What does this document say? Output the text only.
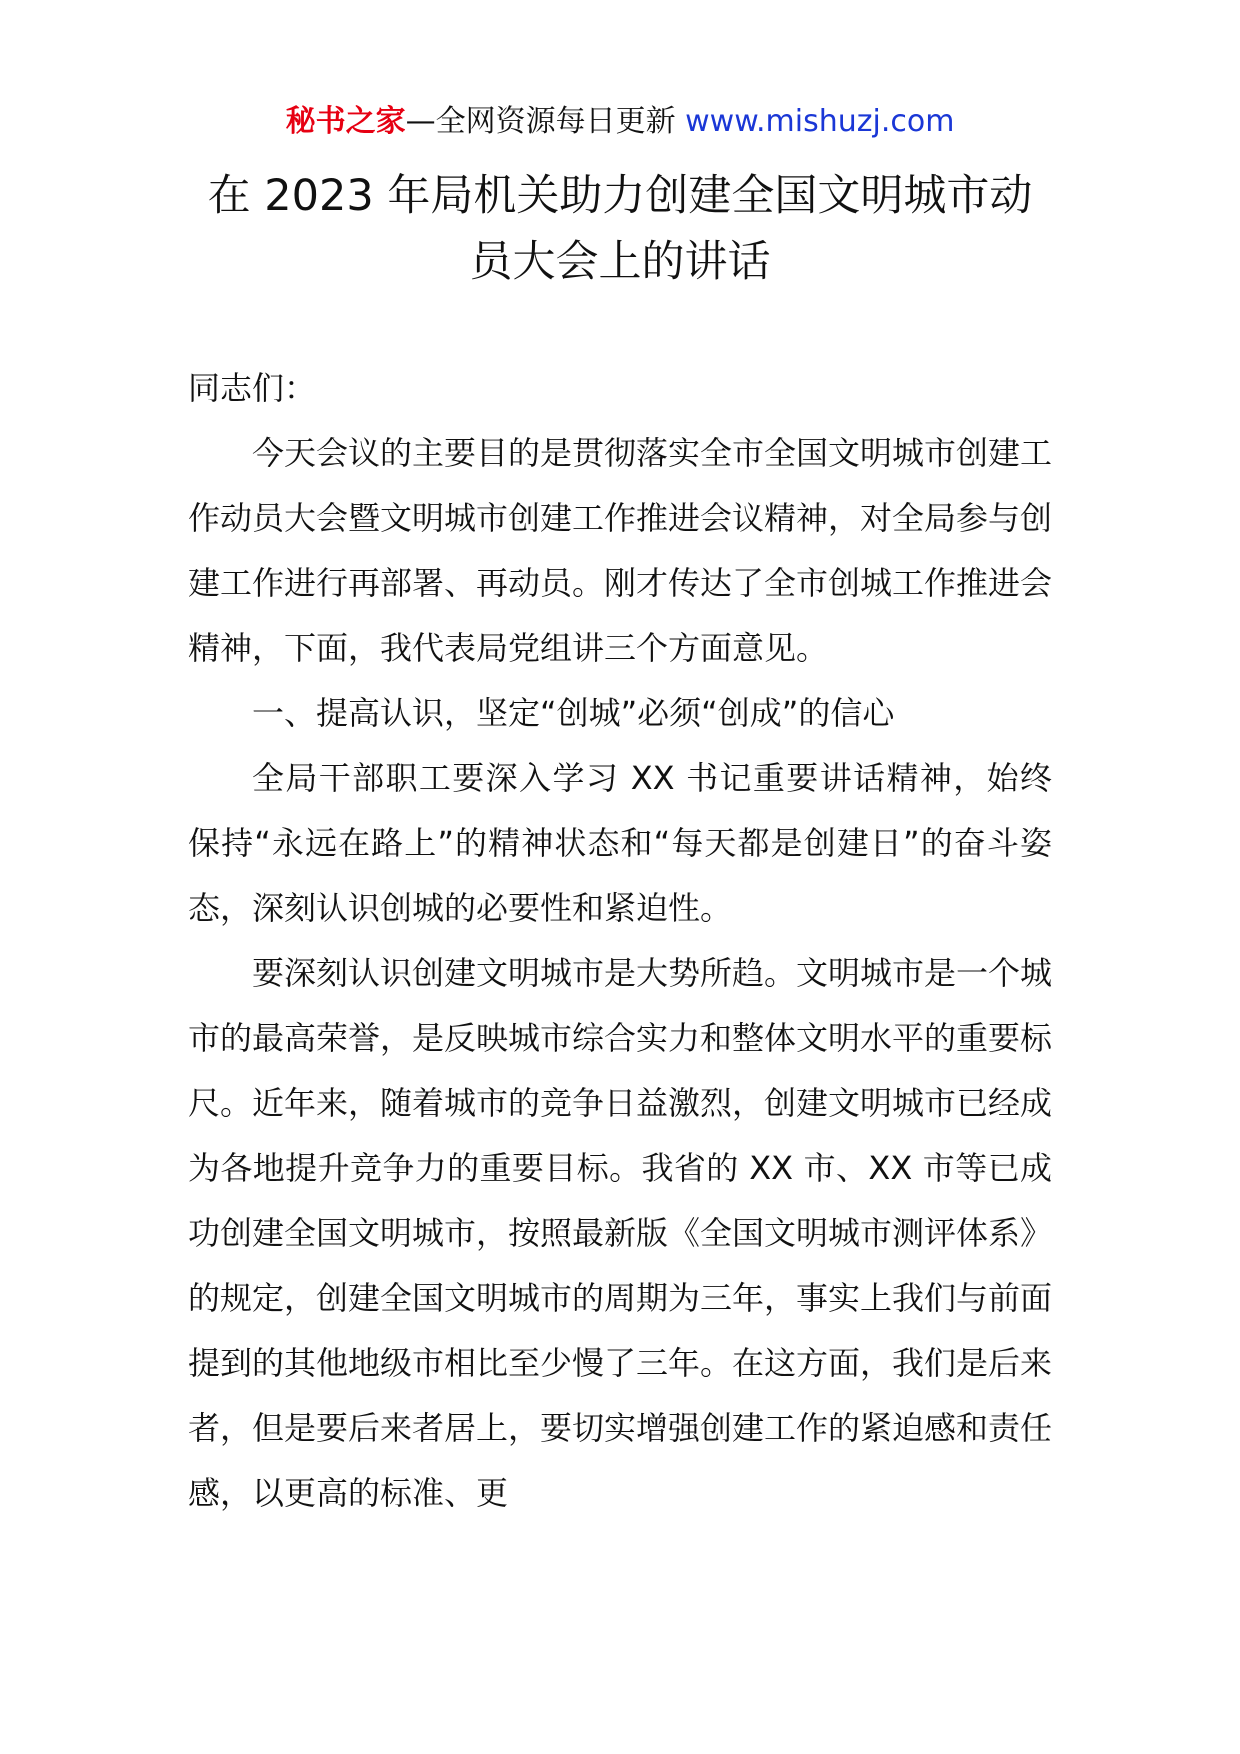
秘书之家—全网资源每日更新 www.mishuzj.com
在 2023 年局机关助力创建全国文明城市动
员大会上的讲话

同志们：

今天会议的主要目的是贯彻落实全市全国文明城市创建工作动员大会暨文明城市创建工作推进会议精神，对全局参与创建工作进行再部署、再动员。刚才传达了全市创城工作推进会精神，下面，我代表局党组讲三个方面意见。

一、提高认识，坚定“创城”必须“创成”的信心

全局干部职工要深入学习 XX 书记重要讲话精神，始终保持“永远在路上”的精神状态和“每天都是创建日”的奋斗姿态，深刻认识创城的必要性和紧迫性。

要深刻认识创建文明城市是大势所趋。文明城市是一个城市的最高荣誉，是反映城市综合实力和整体文明水平的重要标尺。近年来，随着城市的竞争日益激烈，创建文明城市已经成为各地提升竞争力的重要目标。我省的 XX 市、XX 市等已成功创建全国文明城市，按照最新版《全国文明城市测评体系》的规定，创建全国文明城市的周期为三年，事实上我们与前面提到的其他地级市相比至少慢了三年。在这方面，我们是后来者，但是要后来者居上，要切实增强创建工作的紧迫感和责任感，以更高的标准、更
